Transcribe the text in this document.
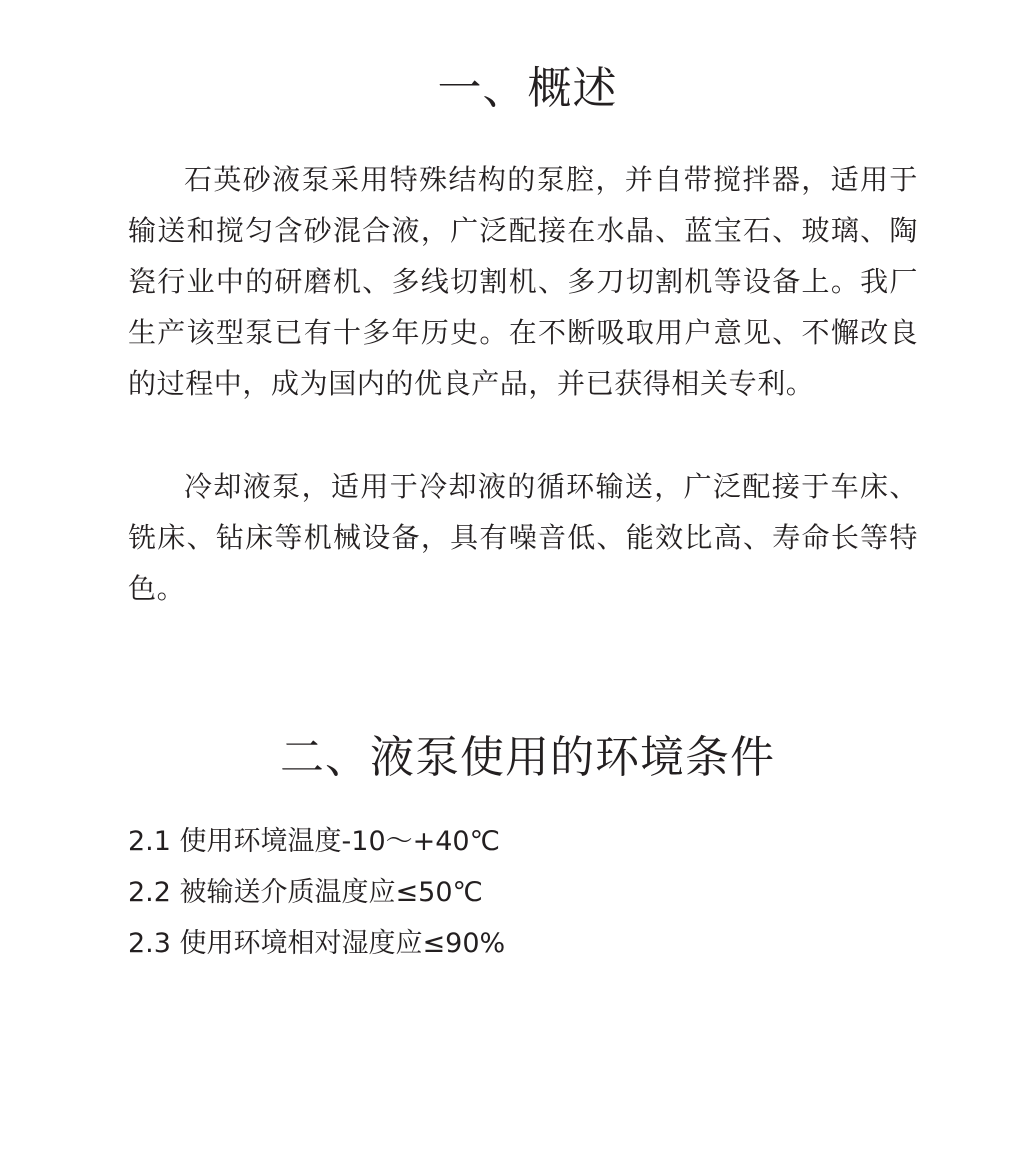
一、概述

石英砂液泵采用特殊结构的泵腔，并自带搅拌器，适用于输送和搅匀含砂混合液，广泛配接在水晶、蓝宝石、玻璃、陶瓷行业中的研磨机、多线切割机、多刀切割机等设备上。我厂生产该型泵已有十多年历史。在不断吸取用户意见、不懈改良的过程中，成为国内的优良产品，并已获得相关专利。

冷却液泵，适用于冷却液的循环输送，广泛配接于车床、铣床、钻床等机械设备，具有噪音低、能效比高、寿命长等特色。

二、液泵使用的环境条件
2.1 使用环境温度-10～+40℃
2.2 被输送介质温度应≤50℃
2.3 使用环境相对湿度应≤90%
